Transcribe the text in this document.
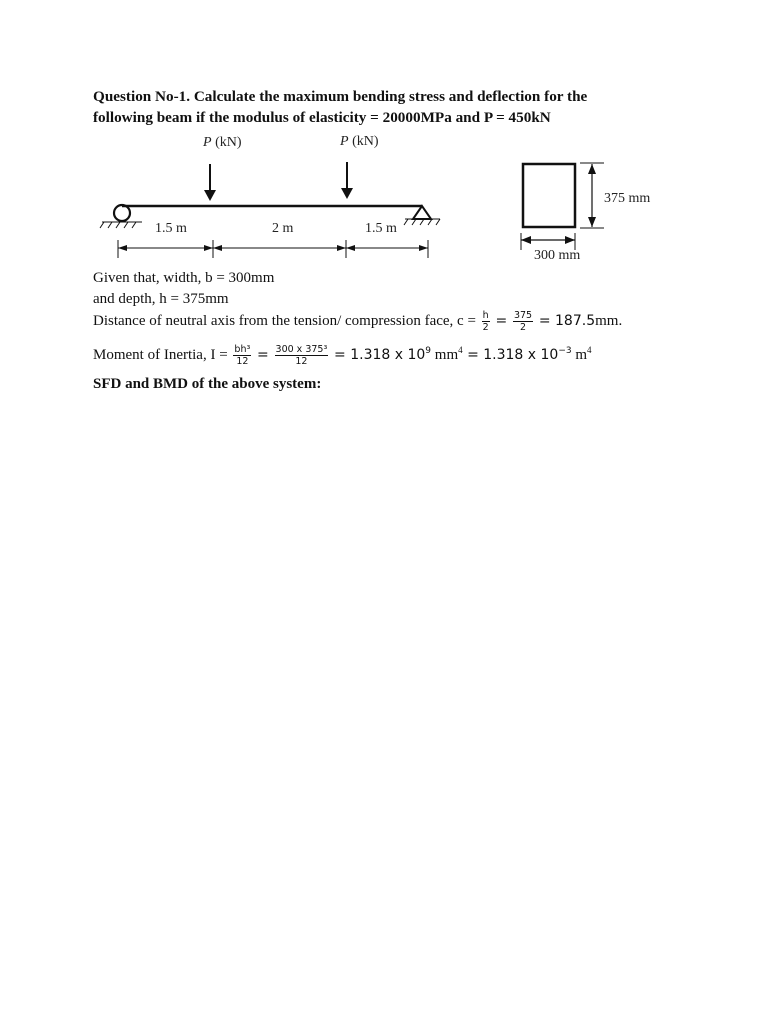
Question No-1. Calculate the maximum bending stress and deflection for the
following beam if the modulus of elasticity = 20000MPa and P = 450kN
P (kN)	P (kN)
1.5 m	2 m	1.5 m
375 mm
300 mm
Given that, width, b = 300mm
and depth, h = 375mm
Distance of neutral axis from the tension/ compression face, $c = \frac{h}{2} = \frac{375}{2} = 187.5mm$.
Moment of Inertia, $I = \frac{\text{bh³}}{12} = \frac{\text{300 x 375³}}{12} = 1.318$ x $10^9$ $mm^4 = 1.318$ x $10^{-3}$ $m^4$
SFD and BMD of the above system:
